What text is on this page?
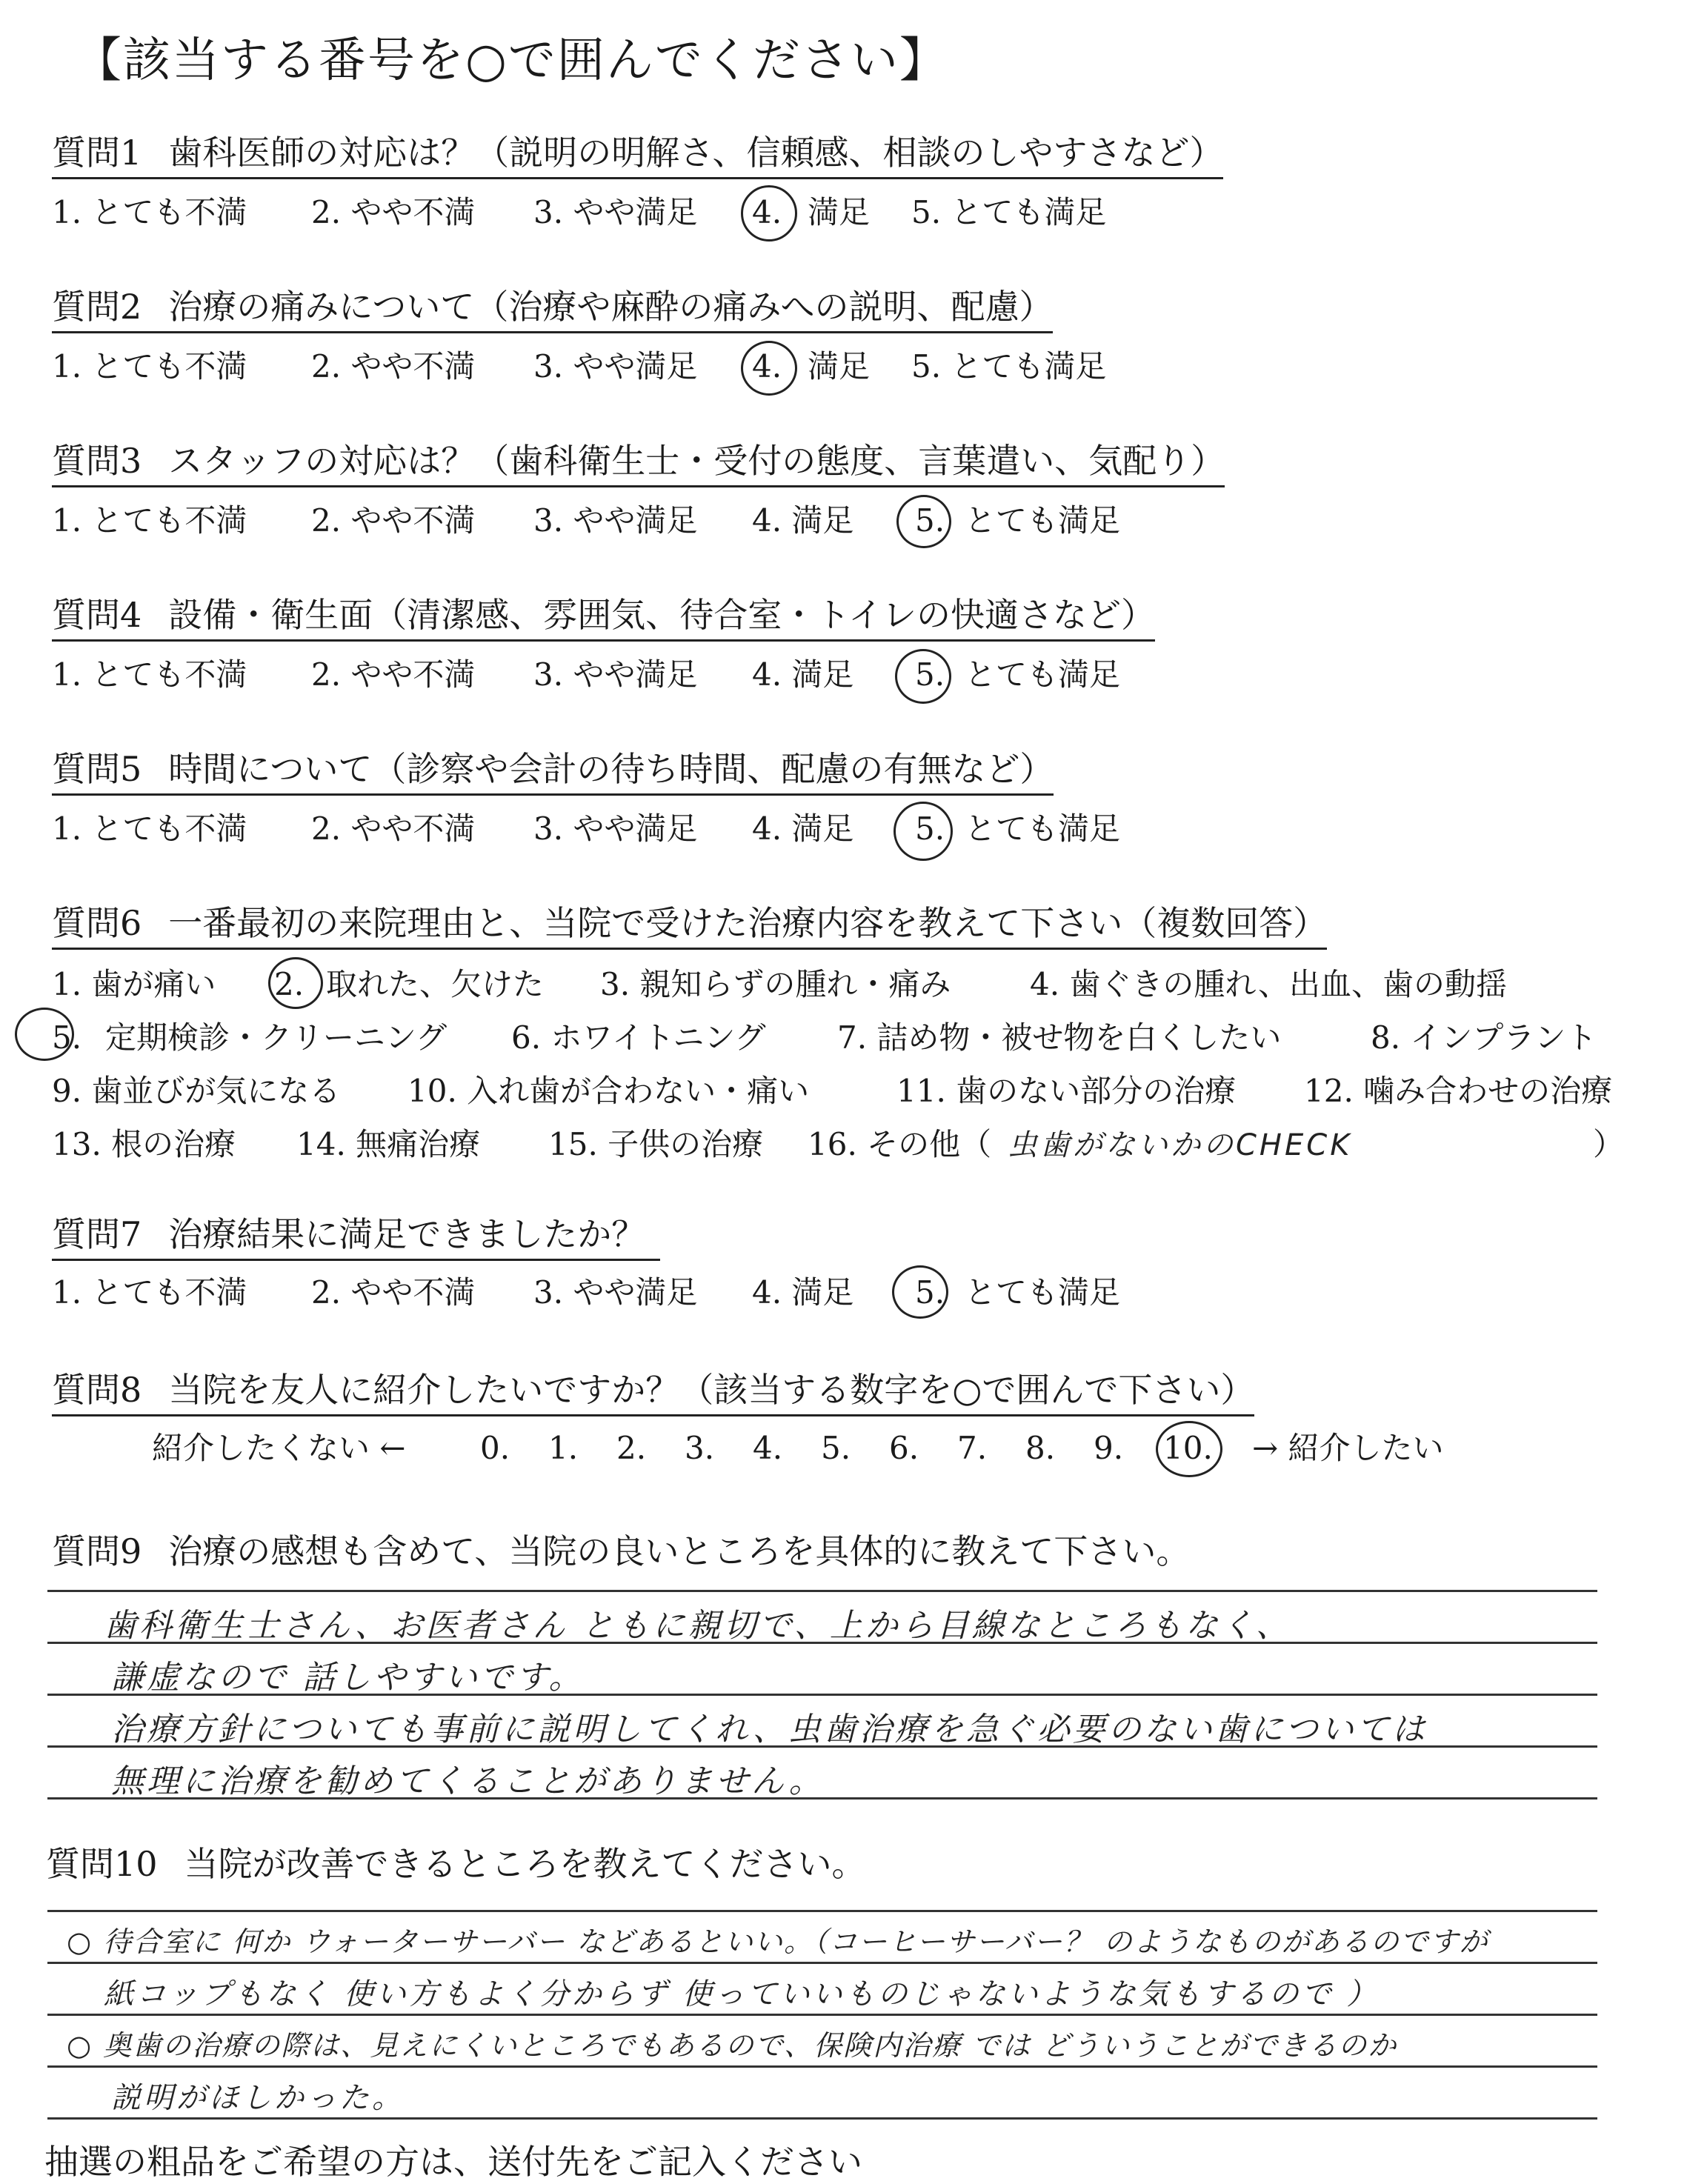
【該当する番号を○で囲んでください】
質問1 歯科医師の対応は？（説明の明解さ、信頼感、相談のしやすさなど）
1. とても不満 2. やや不満 3. やや満足 4. 満足 5. とても満足
質問2 治療の痛みについて（治療や麻酔の痛みへの説明、配慮）
1. とても不満 2. やや不満 3. やや満足 4. 満足 5. とても満足
質問3 スタッフの対応は？（歯科衛生士・受付の態度、言葉遣い、気配り）
1. とても不満 2. やや不満 3. やや満足 4. 満足 5. とても満足
質問4 設備・衛生面（清潔感、雰囲気、待合室・トイレの快適さなど）
1. とても不満 2. やや不満 3. やや満足 4. 満足 5. とても満足
質問5 時間について（診察や会計の待ち時間、配慮の有無など）
1. とても不満 2. やや不満 3. やや満足 4. 満足 5. とても満足
質問6 一番最初の来院理由と、当院で受けた治療内容を教えて下さい（複数回答）
1. 歯が痛い 2. 取れた、欠けた 3. 親知らずの腫れ・痛み	4. 歯ぐきの腫れ、出血、歯の動揺
5. 定期検診・クリーニング 6. ホワイトニング 7. 詰め物・被せ物を白くしたい	8. インプラント
9. 歯並びが気になる 10. 入れ歯が合わない・痛い	11. 歯のない部分の治療 12. 噛み合わせの治療
13. 根の治療 14. 無痛治療 15. 子供の治療 16. その他（	）
虫歯がないかのCHECK
質問7 治療結果に満足できましたか？
1. とても不満 2. やや不満 3. やや満足 4. 満足 5. とても満足
質問8 当院を友人に紹介したいですか？（該当する数字を○で囲んで下さい）
紹介したくない ← 0. 1. 2. 3. 4. 5. 6. 7. 8. 9. 10. → 紹介したい
質問9 治療の感想も含めて、当院の良いところを具体的に教えて下さい。
歯科衛生士さん、お医者さん ともに親切で、上から目線なところもなく、
謙虚なので 話しやすいです。
治療方針についても事前に説明してくれ、虫歯治療を急ぐ必要のない歯については
無理に治療を勧めてくることがありません。
質問10 当院が改善できるところを教えてください。
○ 待合室に 何か ウォーターサーバー などあるといい。（コーヒーサーバー？ のようなものがあるのですが
紙コップもなく 使い方もよく分からず 使っていいものじゃないような気もするので ）
○ 奥歯の治療の際は、見えにくいところでもあるので、保険内治療 では どういうことができるのか
説明がほしかった。
抽選の粗品をご希望の方は、送付先をご記入ください
